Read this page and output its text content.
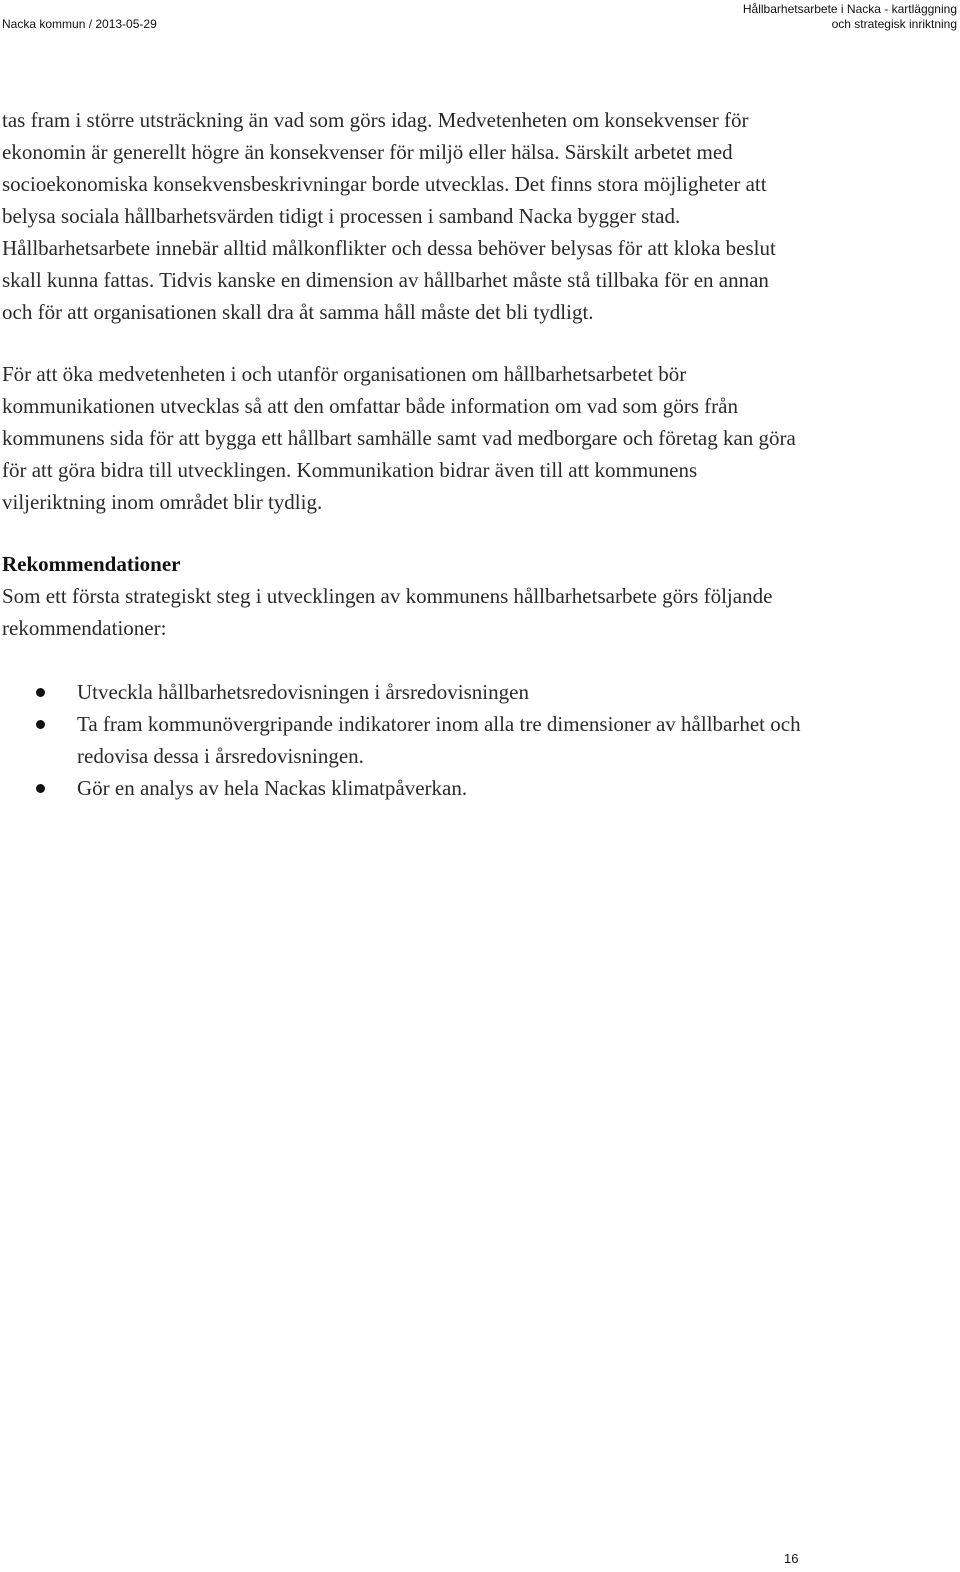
Nacka kommun / 2013-05-29
Hållbarhetsarbete i Nacka - kartläggning
och strategisk inriktning

tas fram i större utsträckning än vad som görs idag. Medvetenheten om konsekvenser för ekonomin är generellt högre än konsekvenser för miljö eller hälsa. Särskilt arbetet med socioekonomiska konsekvensbeskrivningar borde utvecklas. Det finns stora möjligheter att belysa sociala hållbarhetsvärden tidigt i processen i samband Nacka bygger stad. Hållbarhetsarbete innebär alltid målkonflikter och dessa behöver belysas för att kloka beslut skall kunna fattas. Tidvis kanske en dimension av hållbarhet måste stå tillbaka för en annan och för att organisationen skall dra åt samma håll måste det bli tydligt.

För att öka medvetenheten i och utanför organisationen om hållbarhetsarbetet bör kommunikationen utvecklas så att den omfattar både information om vad som görs från kommunens sida för att bygga ett hållbart samhälle samt vad medborgare och företag kan göra för att göra bidra till utvecklingen. Kommunikation bidrar även till att kommunens viljeriktning inom området blir tydlig.

Rekommendationer

Som ett första strategiskt steg i utvecklingen av kommunens hållbarhetsarbete görs följande rekommendationer:

Utveckla hållbarhetsredovisningen i årsredovisningen
Ta fram kommunövergripande indikatorer inom alla tre dimensioner av hållbarhet och redovisa dessa i årsredovisningen.
Gör en analys av hela Nackas klimatpåverkan.
16
